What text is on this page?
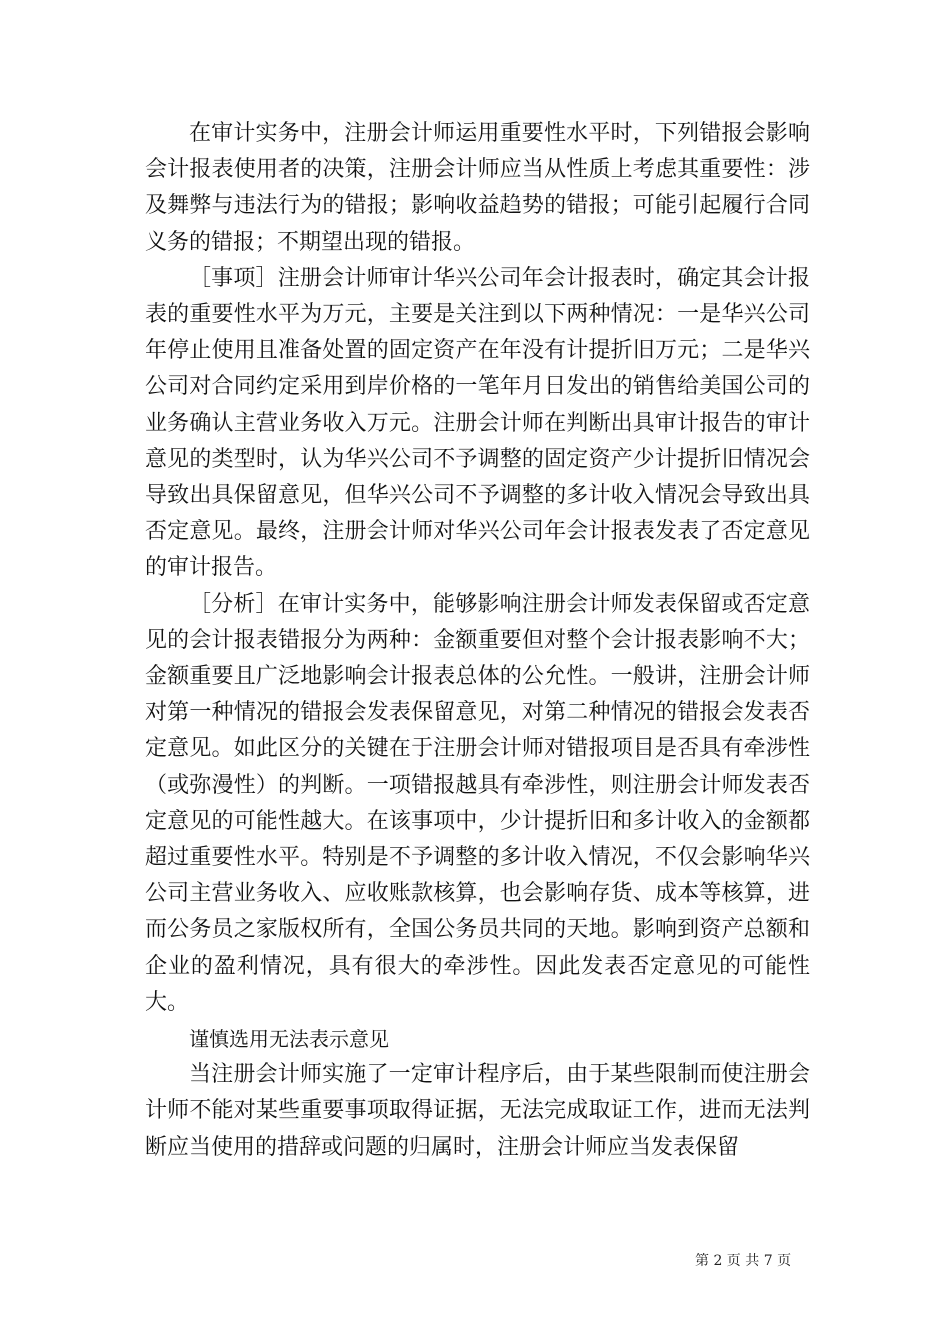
在审计实务中，注册会计师运用重要性水平时，下列错报会影响会计报表使用者的决策，注册会计师应当从性质上考虑其重要性：涉及舞弊与违法行为的错报；影响收益趋势的错报；可能引起履行合同义务的错报；不期望出现的错报。

［事项］注册会计师审计华兴公司年会计报表时，确定其会计报表的重要性水平为万元，主要是关注到以下两种情况：一是华兴公司年停止使用且准备处置的固定资产在年没有计提折旧万元；二是华兴公司对合同约定采用到岸价格的一笔年月日发出的销售给美国公司的业务确认主营业务收入万元。注册会计师在判断出具审计报告的审计意见的类型时，认为华兴公司不予调整的固定资产少计提折旧情况会导致出具保留意见，但华兴公司不予调整的多计收入情况会导致出具否定意见。最终，注册会计师对华兴公司年会计报表发表了否定意见的审计报告。

［分析］在审计实务中，能够影响注册会计师发表保留或否定意见的会计报表错报分为两种：金额重要但对整个会计报表影响不大；金额重要且广泛地影响会计报表总体的公允性。一般讲，注册会计师对第一种情况的错报会发表保留意见，对第二种情况的错报会发表否定意见。如此区分的关键在于注册会计师对错报项目是否具有牵涉性（或弥漫性）的判断。一项错报越具有牵涉性，则注册会计师发表否定意见的可能性越大。在该事项中，少计提折旧和多计收入的金额都超过重要性水平。特别是不予调整的多计收入情况，不仅会影响华兴公司主营业务收入、应收账款核算，也会影响存货、成本等核算，进而公务员之家版权所有，全国公务员共同的天地。影响到资产总额和企业的盈利情况，具有很大的牵涉性。因此发表否定意见的可能性大。

谨慎选用无法表示意见

当注册会计师实施了一定审计程序后，由于某些限制而使注册会计师不能对某些重要事项取得证据，无法完成取证工作，进而无法判断应当使用的措辞或问题的归属时，注册会计师应当发表保留

第 2 页 共 7 页
